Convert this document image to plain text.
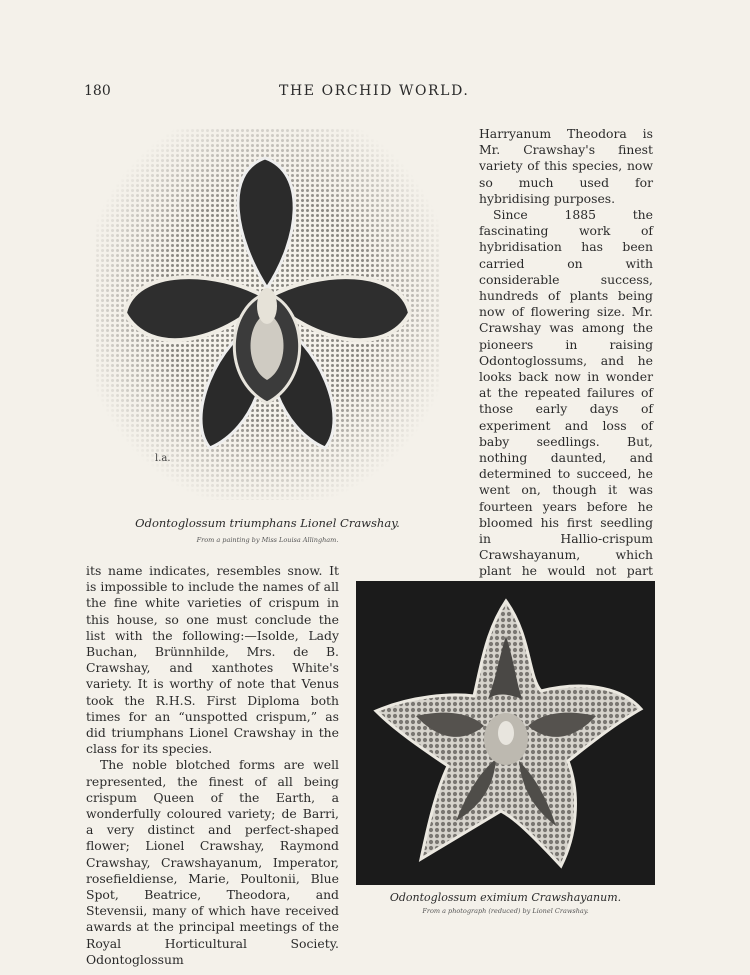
180	THE ORCHID WORLD.
l.a.
Odontoglossum triumphans Lionel Crawshay.
From a painting by Miss Louisa Allingham.

Harryanum Theodora is Mr. Crawshay's finest variety of this species, now so much used for hybridising purposes.

Since 1885 the fascinating work of hybridisation has been carried on with considerable success, hundreds of plants being now of flowering size. Mr. Crawshay was among the pioneers in raising Odontoglossums, and he looks back now in wonder at the repeated failures of those early days of experiment and loss of baby seedlings. But, nothing daunted, and determined to succeed, he went on, though it was fourteen years before he bloomed his first seedling in Hallio-crispum Crawshayanum, which plant he would not part

its name indicates, resembles snow. It is impossible to include the names of all the fine white varieties of crispum in this house, so one must conclude the list with the following:—Isolde, Lady Buchan, Brünnhilde, Mrs. de B. Crawshay, and xanthotes White's variety. It is worthy of note that Venus took the R.H.S. First Diploma both times for an “unspotted crispum,” as did triumphans Lionel Crawshay in the class for its species.

The noble blotched forms are well represented, the finest of all being crispum Queen of the Earth, a wonderfully coloured variety; de Barri, a very distinct and perfect-shaped flower; Lionel Crawshay, Raymond Crawshay, Crawshayanum, Imperator, rosefieldiense, Marie, Poultonii, Blue Spot, Beatrice, Theodora, and Stevensii, many of which have received awards at the principal meetings of the Royal Horticultural Society. Odontoglossum

Odontoglossum eximium Crawshayanum.
From a photograph (reduced) by Lionel Crawshay.
